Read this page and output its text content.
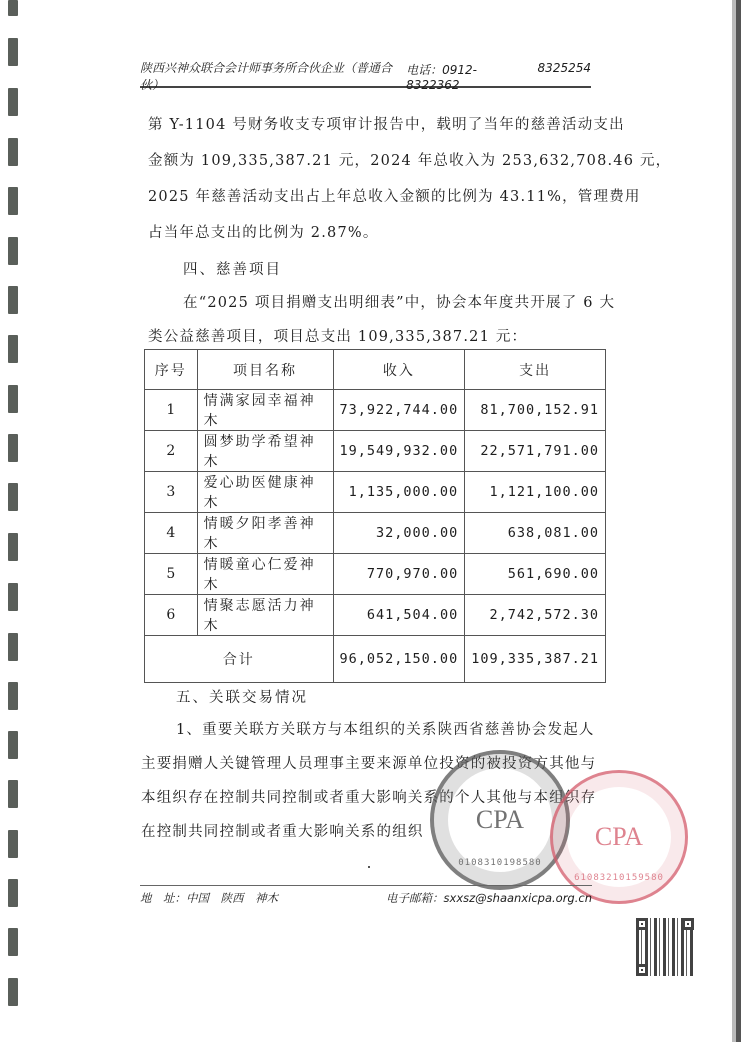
陕西兴神众联合会计师事务所合伙企业（普通合伙）
电话：0912-8322362
8325254
第 Y-1104 号财务收支专项审计报告中，载明了当年的慈善活动支出
金额为 109,335,387.21 元，2024 年总收入为 253,632,708.46 元，
2025 年慈善活动支出占上年总收入金额的比例为 43.11%，管理费用
占当年总支出的比例为 2.87%。
四、慈善项目
在“2025 项目捐赠支出明细表”中，协会本年度共开展了 6 大
类公益慈善项目，项目总支出 109,335,387.21 元：
序号	项目名称	收入	支出
1	情满家园幸福神木	73,922,744.00	81,700,152.91
2	圆梦助学希望神木	19,549,932.00	22,571,791.00
3	爱心助医健康神木	1,135,000.00	1,121,100.00
4	情暖夕阳孝善神木	32,000.00	638,081.00
5	情暖童心仁爱神木	770,970.00	561,690.00
6	情聚志愿活力神木	641,504.00	2,742,572.30
合计		96,052,150.00	109,335,387.21
五、关联交易情况
1、重要关联方关联方与本组织的关系陕西省慈善协会发起人
主要捐赠人关键管理人员理事主要来源单位投资的被投资方其他与
本组织存在控制共同控制或者重大影响关系的个人其他与本组织存
在控制共同控制或者重大影响关系的组织 CPA
0108310198580
CPA
61083210159580
地　址：中国　陕西　神木	电子邮箱：sxxsz@shaanxicpa.org.cn
